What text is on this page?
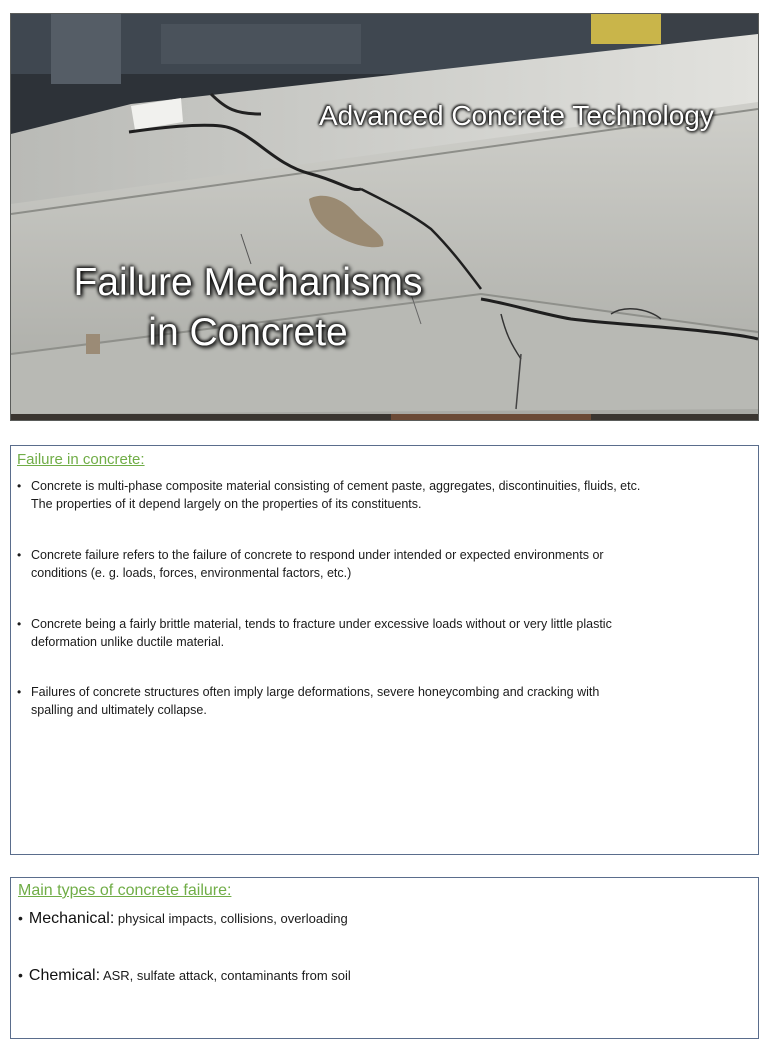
Advanced Concrete Technology
Failure Mechanisms
in Concrete
Failure in concrete:
• Concrete is multi-phase composite material consisting of cement paste, aggregates, discontinuities, fluids, etc.
The properties of it depend largely on the properties of its constituents.
• Concrete failure refers to the failure of concrete to respond under intended or expected environments or
conditions (e. g. loads, forces, environmental factors, etc.)
• Concrete being a fairly brittle material, tends to fracture under excessive loads without or very little plastic
deformation unlike ductile material.
• Failures of concrete structures often imply large deformations, severe honeycombing and cracking with
spalling and ultimately collapse.
Main types of concrete failure:
• Mechanical: physical impacts, collisions, overloading
• Chemical: ASR, sulfate attack, contaminants from soil
